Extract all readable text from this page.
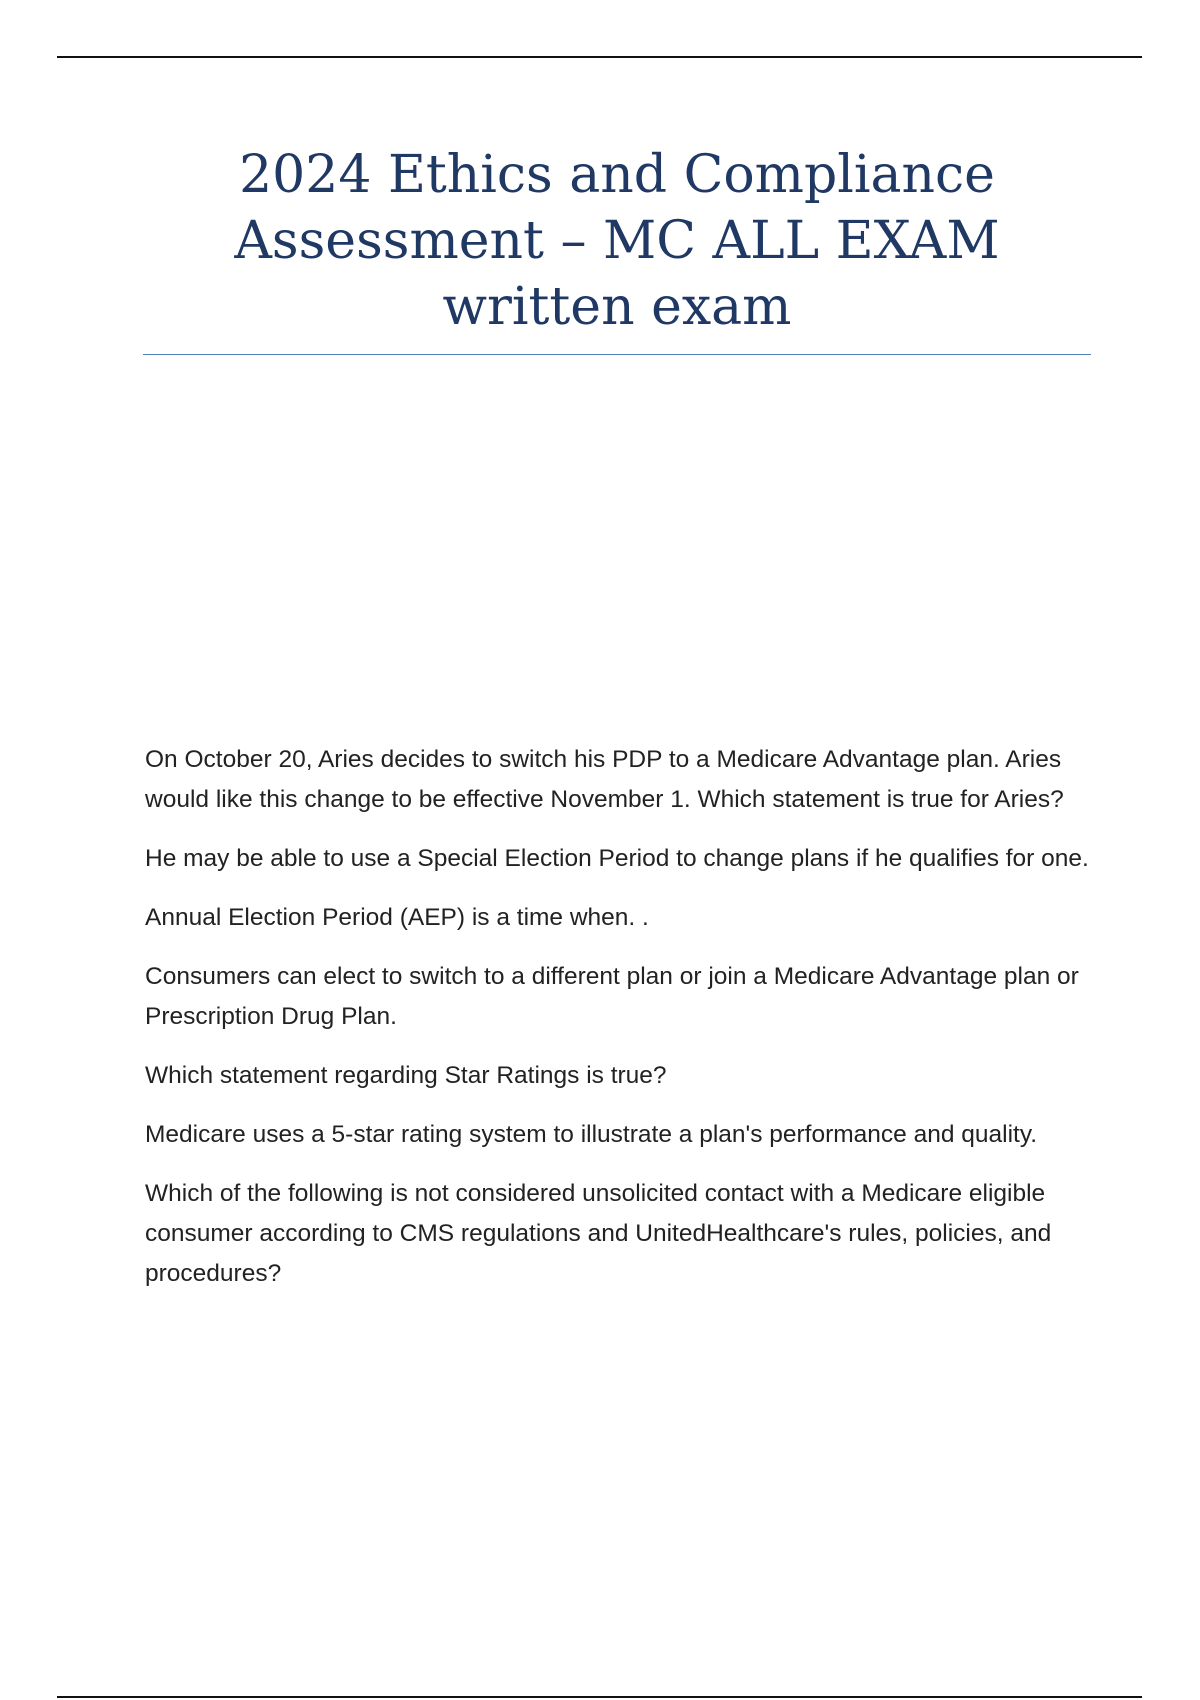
2024 Ethics and Compliance Assessment – MC ALL EXAM written exam

On October 20, Aries decides to switch his PDP to a Medicare Advantage plan. Aries would like this change to be effective November 1. Which statement is true for Aries?

He may be able to use a Special Election Period to change plans if he qualifies for one.

Annual Election Period (AEP) is a time when. .

Consumers can elect to switch to a different plan or join a Medicare Advantage plan or Prescription Drug Plan.

Which statement regarding Star Ratings is true?

Medicare uses a 5-star rating system to illustrate a plan's performance and quality.

Which of the following is not considered unsolicited contact with a Medicare eligible consumer according to CMS regulations and UnitedHealthcare's rules, policies, and procedures?
